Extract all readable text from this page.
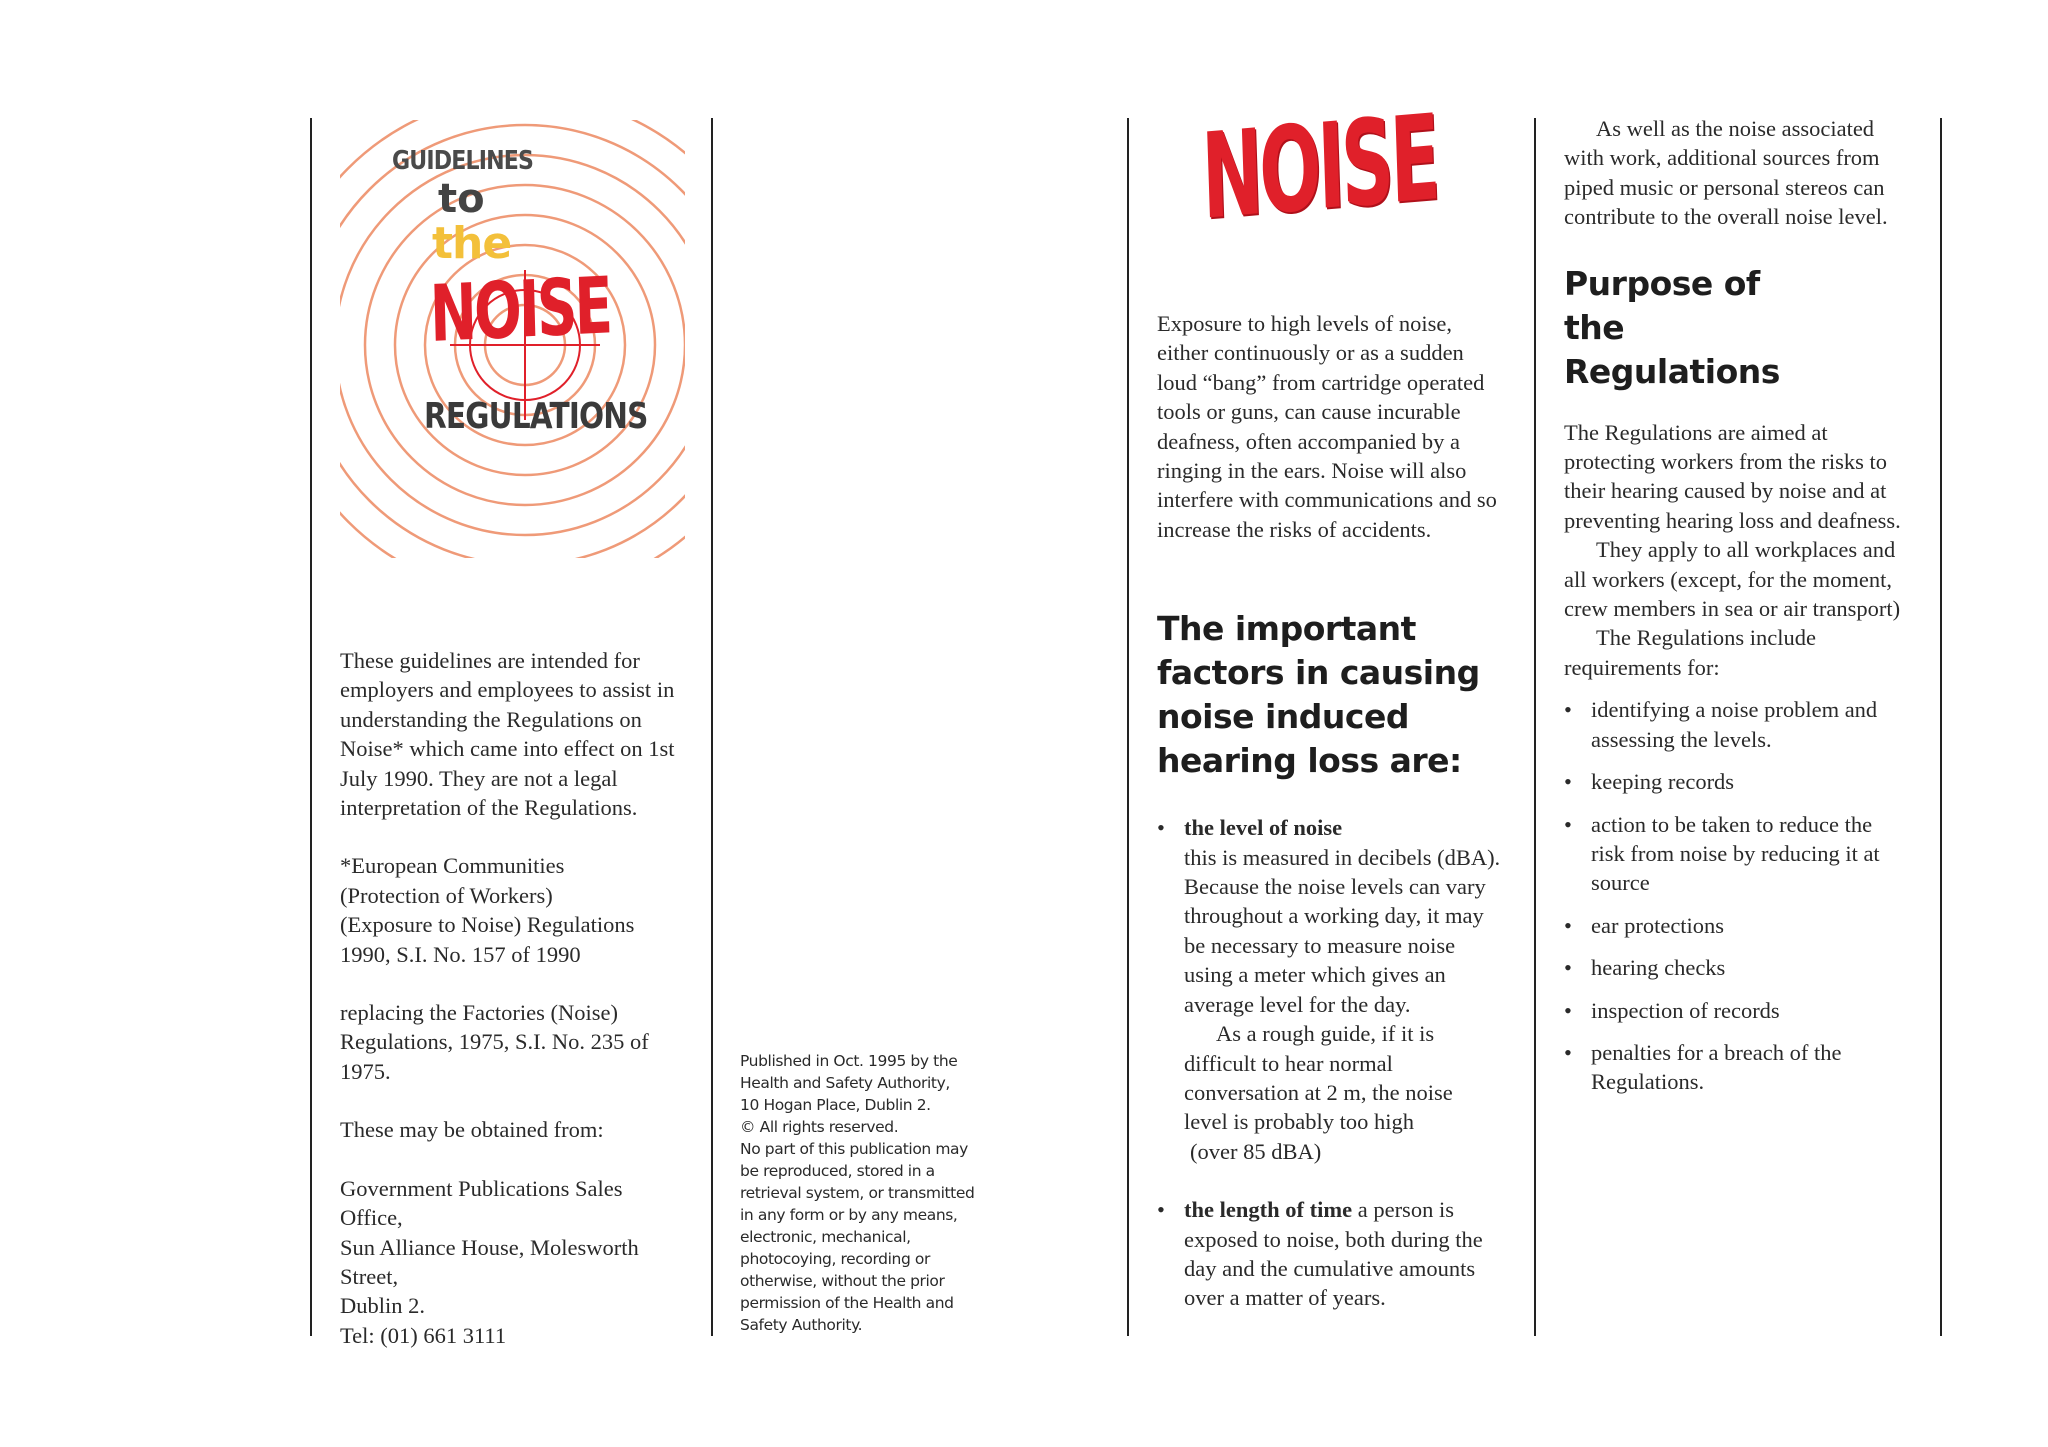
GUIDELINES
to
the
NOISE
REGULATIONS

These guidelines are intended for employers and employees to assist in understanding the Regulations on Noise* which came into effect on 1st July 1990. They are not a legal interpretation of the Regulations.

*European Communities

(Protection of Workers)

(Exposure to Noise) Regulations

1990, S.I. No. 157 of 1990

replacing the Factories (Noise) Regulations, 1975, S.I. No. 235 of 1975.

These may be obtained from:

Government Publications Sales Office,

Sun Alliance House, Molesworth Street,

Dublin 2.

Tel: (01) 661 3111

Published in Oct. 1995 by the
Health and Safety Authority,
10 Hogan Place, Dublin 2.
© All rights reserved.
No part of this publication may
be reproduced, stored in a
retrieval system, or transmitted
in any form or by any means,
electronic, mechanical,
photocoying, recording or
otherwise, without the prior
permission of the Health and
Safety Authority.
NOISE

Exposure to high levels of noise, either continuously or as a sudden loud “bang” from cartridge operated tools or guns, can cause incurable deafness, often accompanied by a ringing in the ears. Noise will also interfere with communications and so increase the risks of accidents.

The important factors in causing noise induced hearing loss are:
• the level of noise
this is measured in decibels (dBA). Because the noise levels can vary throughout a working day, it may be necessary to measure noise using a meter which gives an average level for the day.

As a rough guide, if it is difficult to hear normal conversation at 2 m, the noise level is probably too high

(over 85 dBA)

• the length of time a person is exposed to noise, both during the day and the cumulative amounts over a matter of years.

As well as the noise associated with work, additional sources from piped music or personal stereos can contribute to the overall noise level.

Purpose of the Regulations

The Regulations are aimed at protecting workers from the risks to their hearing caused by noise and at preventing hearing loss and deafness.

They apply to all workplaces and all workers (except, for the moment, crew members in sea or air transport)

The Regulations include requirements for:

• identifying a noise problem and assessing the levels.
• keeping records
• action to be taken to reduce the risk from noise by reducing it at source
• ear protections
• hearing checks
• inspection of records
• penalties for a breach of the Regulations.
